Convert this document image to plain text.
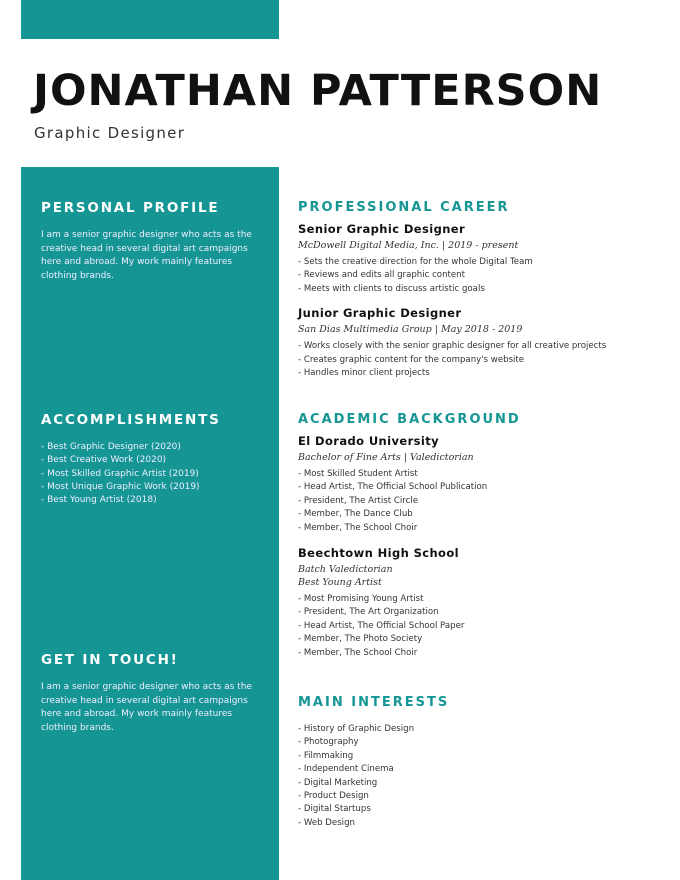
JONATHAN PATTERSON
Graphic Designer
PERSONAL PROFILE

I am a senior graphic designer who acts as the creative head in several digital art campaigns here and abroad. My work mainly features clothing brands.

ACCOMPLISHMENTS
- Best Graphic Designer (2020)
- Best Creative Work (2020)
- Most Skilled Graphic Artist (2019)
- Most Unique Graphic Work (2019)
- Best Young Artist (2018)
GET IN TOUCH!

I am a senior graphic designer who acts as the creative head in several digital art campaigns here and abroad. My work mainly features clothing brands.

PROFESSIONAL CAREER
Senior Graphic Designer

McDowell Digital Media, Inc. | 2019 - present

- Sets the creative direction for the whole Digital Team
- Reviews and edits all graphic content
- Meets with clients to discuss artistic goals
Junior Graphic Designer

San Dias Multimedia Group | May 2018 - 2019

- Works closely with the senior graphic designer for all creative projects
- Creates graphic content for the company's website
- Handles minor client projects
ACADEMIC BACKGROUND
El Dorado University

Bachelor of Fine Arts | Valedictorian

- Most Skilled Student Artist
- Head Artist, The Official School Publication
- President, The Artist Circle
- Member, The Dance Club
- Member, The School Choir
Beechtown High School

Batch Valedictorian

Best Young Artist

- Most Promising Young Artist
- President, The Art Organization
- Head Artist, The Official School Paper
- Member, The Photo Society
- Member, The School Choir
MAIN INTERESTS
- History of Graphic Design
- Photography
- Filmmaking
- Independent Cinema
- Digital Marketing
- Product Design
- Digital Startups
- Web Design
